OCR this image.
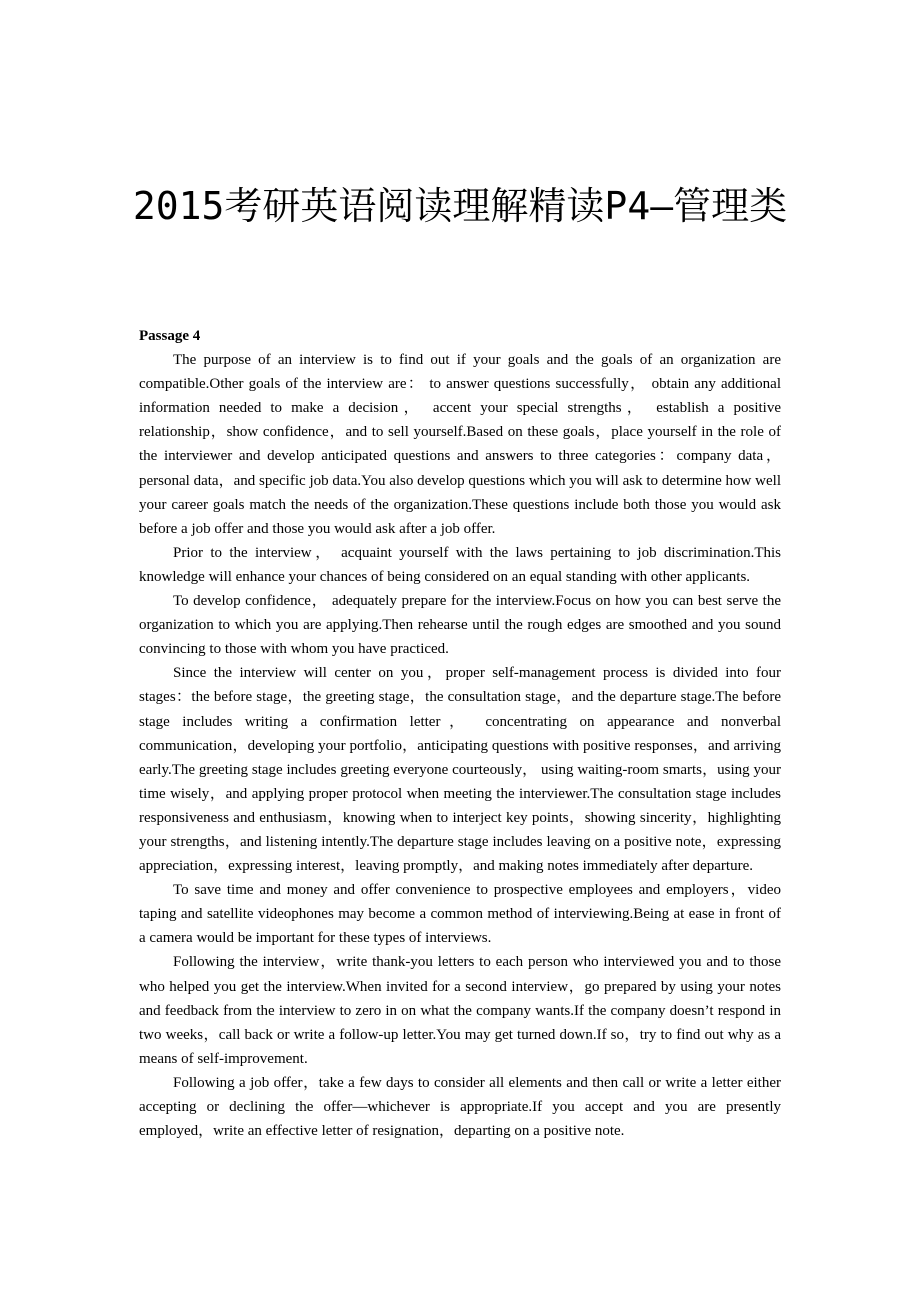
2015考研英语阅读理解精读P4—管理类

Passage 4

The purpose of an interview is to find out if your goals and the goals of an organization are compatible.Other goals of the interview are： to answer questions successfully， obtain any additional information needed to make a decision， accent your special strengths， establish a positive relationship，show confidence，and to sell yourself.Based on these goals，place yourself in the role of the interviewer and develop anticipated questions and answers to three categories：company data，personal data，and specific job data.You also develop questions which you will ask to determine how well your career goals match the needs of the organization.These questions include both those you would ask before a job offer and those you would ask after a job offer.

Prior to the interview， acquaint yourself with the laws pertaining to job discrimination.This knowledge will enhance your chances of being considered on an equal standing with other applicants.

To develop confidence， adequately prepare for the interview.Focus on how you can best serve the organization to which you are applying.Then rehearse until the rough edges are smoothed and you sound convincing to those with whom you have practiced.

Since the interview will center on you，proper self-management process is divided into four stages：the before stage，the greeting stage，the consultation stage，and the departure stage.The before stage includes writing a confirmation letter， concentrating on appearance and nonverbal communication，developing your portfolio，anticipating questions with positive responses，and arriving early.The greeting stage includes greeting everyone courteously， using waiting-room smarts，using your time wisely，and applying proper protocol when meeting the interviewer.The consultation stage includes responsiveness and enthusiasm，knowing when to interject key points，showing sincerity，highlighting your strengths，and listening intently.The departure stage includes leaving on a positive note，expressing appreciation，expressing interest，leaving promptly，and making notes immediately after departure.

To save time and money and offer convenience to prospective employees and employers，video taping and satellite videophones may become a common method of interviewing.Being at ease in front of a camera would be important for these types of interviews.

Following the interview，write thank-you letters to each person who interviewed you and to those who helped you get the interview.When invited for a second interview，go prepared by using your notes and feedback from the interview to zero in on what the company wants.If the company doesn’t respond in two weeks，call back or write a follow-up letter.You may get turned down.If so，try to find out why as a means of self-improvement.

Following a job offer，take a few days to consider all elements and then call or write a letter either accepting or declining the offer—whichever is appropriate.If you accept and you are presently employed，write an effective letter of resignation，departing on a positive note.
